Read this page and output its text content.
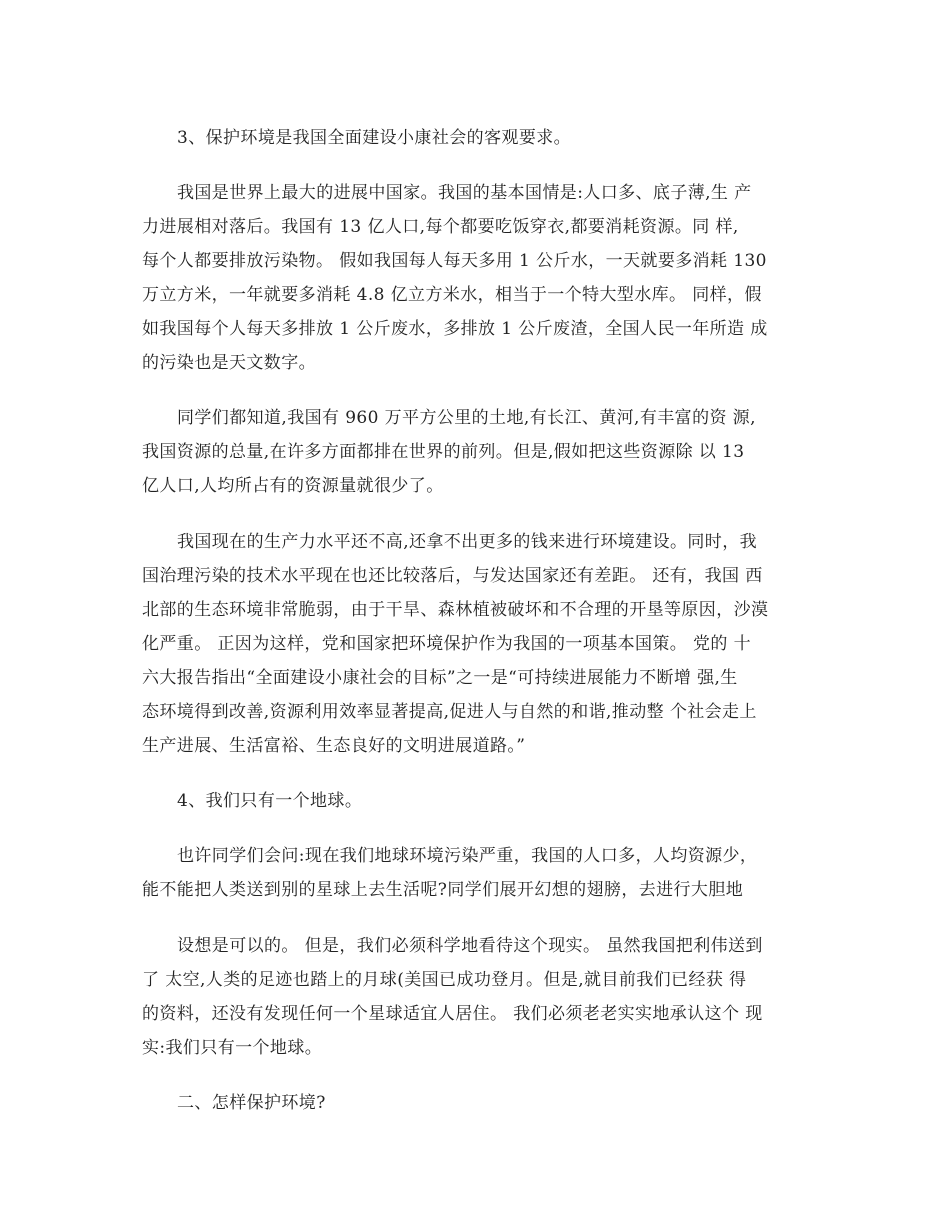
3、保护环境是我国全面建设小康社会的客观要求。
我国是世界上最大的进展中国家。我国的基本国情是:人口多、底子薄,生 产
力进展相对落后。我国有 13 亿人口,每个都要吃饭穿衣,都要消耗资源。同 样,
每个人都要排放污染物。 假如我国每人每天多用 1 公斤水，一天就要多消耗 130
万立方米，一年就要多消耗 4.8 亿立方米水，相当于一个特大型水库。 同样，假
如我国每个人每天多排放 1 公斤废水，多排放 1 公斤废渣，全国人民一年所造 成
的污染也是天文数字。
同学们都知道,我国有 960 万平方公里的土地,有长江、黄河,有丰富的资 源,
我国资源的总量,在许多方面都排在世界的前列。但是,假如把这些资源除 以 13
亿人口,人均所占有的资源量就很少了。
我国现在的生产力水平还不高,还拿不出更多的钱来进行环境建设。同时，我
国治理污染的技术水平现在也还比较落后，与发达国家还有差距。 还有，我国 西
北部的生态环境非常脆弱，由于干旱、森林植被破坏和不合理的开垦等原因，沙漠
化严重。 正因为这样，党和国家把环境保护作为我国的一项基本国策。 党的 十
六大报告指出“全面建设小康社会的目标”之一是“可持续进展能力不断增 强,生
态环境得到改善,资源利用效率显著提高,促进人与自然的和谐,推动整 个社会走上
生产进展、生活富裕、生态良好的文明进展道路。”
4、我们只有一个地球。
也许同学们会问:现在我们地球环境污染严重，我国的人口多，人均资源少，
能不能把人类送到别的星球上去生活呢?同学们展开幻想的翅膀，去进行大胆地
设想是可以的。 但是，我们必须科学地看待这个现实。 虽然我国把利伟送到
了 太空,人类的足迹也踏上的月球(美国已成功登月。但是,就目前我们已经获 得
的资料，还没有发现任何一个星球适宜人居住。 我们必须老老实实地承认这个 现
实:我们只有一个地球。
二、怎样保护环境?
